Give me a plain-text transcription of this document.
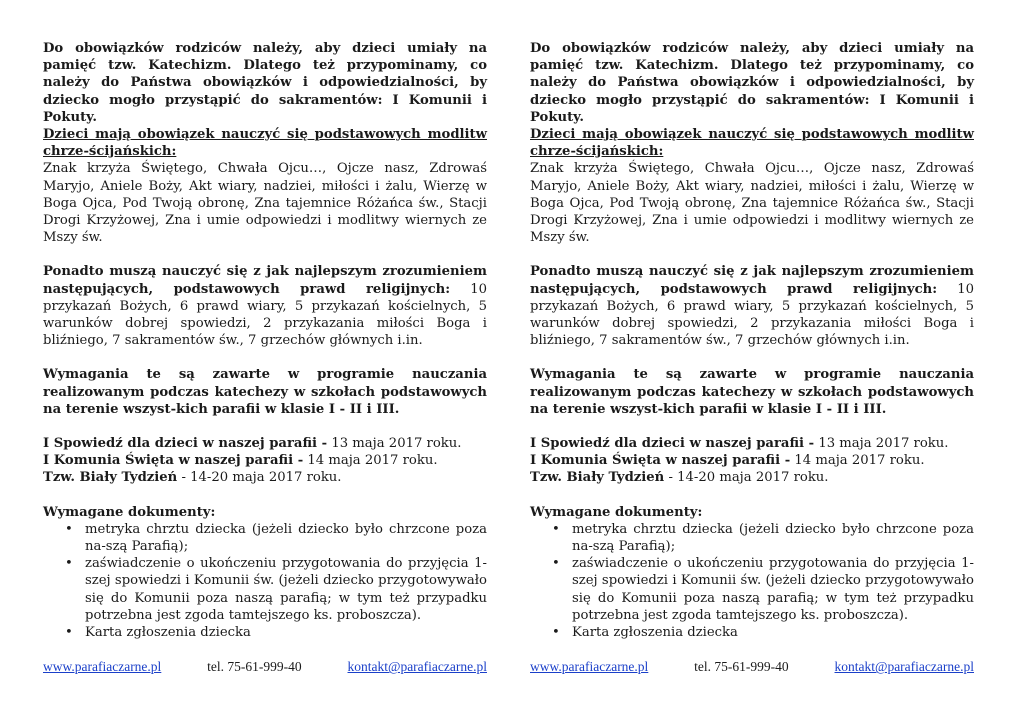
Do obowiązków rodziców należy, aby dzieci umiały na pamięć tzw. Katechizm. Dlatego też przypominamy, co należy do Państwa obowiązków i odpowiedzialności, by dziecko mogło przystąpić do sakramentów: I Komunii i Pokuty.

Dzieci mają obowiązek nauczyć się podstawowych modlitw chrze-ścijańskich:

Znak krzyża Świętego, Chwała Ojcu…, Ojcze nasz, Zdrowaś Maryjo, Aniele Boży, Akt wiary, nadziei, miłości i żalu, Wierzę w Boga Ojca, Pod Twoją obronę, Zna tajemnice Różańca św., Stacji Drogi Krzyżowej, Zna i umie odpowiedzi i modlitwy wiernych ze Mszy św.

Ponadto muszą nauczyć się z jak najlepszym zrozumieniem następujących, podstawowych prawd religijnych: 10 przykazań Bożych, 6 prawd wiary, 5 przykazań kościelnych, 5 warunków dobrej spowiedzi, 2 przykazania miłości Boga i bliźniego, 7 sakramentów św., 7 grzechów głównych i.in.

Wymagania te są zawarte w programie nauczania realizowanym podczas katechezy w szkołach podstawowych na terenie wszyst-kich parafii w klasie I - II i III.

I Spowiedź dla dzieci w naszej parafii - 13 maja 2017 roku.

I Komunia Święta w naszej parafii - 14 maja 2017 roku.

Tzw. Biały Tydzień - 14-20 maja 2017 roku.

Wymagane dokumenty:

• metryka chrztu dziecka (jeżeli dziecko było chrzcone poza na-szą Parafią);
• zaświadczenie o ukończeniu przygotowania do przyjęcia 1-szej spowiedzi i Komunii św. (jeżeli dziecko przygotowywało się do Komunii poza naszą parafią; w tym też przypadku potrzebna jest zgoda tamtejszego ks. proboszcza).
• Karta zgłoszenia dziecka
www.parafiaczarne.pl	tel. 75-61-999-40	kontakt@parafiaczarne.pl

Do obowiązków rodziców należy, aby dzieci umiały na pamięć tzw. Katechizm. Dlatego też przypominamy, co należy do Państwa obowiązków i odpowiedzialności, by dziecko mogło przystąpić do sakramentów: I Komunii i Pokuty.

Dzieci mają obowiązek nauczyć się podstawowych modlitw chrze-ścijańskich:

Znak krzyża Świętego, Chwała Ojcu…, Ojcze nasz, Zdrowaś Maryjo, Aniele Boży, Akt wiary, nadziei, miłości i żalu, Wierzę w Boga Ojca, Pod Twoją obronę, Zna tajemnice Różańca św., Stacji Drogi Krzyżowej, Zna i umie odpowiedzi i modlitwy wiernych ze Mszy św.

Ponadto muszą nauczyć się z jak najlepszym zrozumieniem następujących, podstawowych prawd religijnych: 10 przykazań Bożych, 6 prawd wiary, 5 przykazań kościelnych, 5 warunków dobrej spowiedzi, 2 przykazania miłości Boga i bliźniego, 7 sakramentów św., 7 grzechów głównych i.in.

Wymagania te są zawarte w programie nauczania realizowanym podczas katechezy w szkołach podstawowych na terenie wszyst-kich parafii w klasie I - II i III.

I Spowiedź dla dzieci w naszej parafii - 13 maja 2017 roku.

I Komunia Święta w naszej parafii - 14 maja 2017 roku.

Tzw. Biały Tydzień - 14-20 maja 2017 roku.

Wymagane dokumenty:

• metryka chrztu dziecka (jeżeli dziecko było chrzcone poza na-szą Parafią);
• zaświadczenie o ukończeniu przygotowania do przyjęcia 1-szej spowiedzi i Komunii św. (jeżeli dziecko przygotowywało się do Komunii poza naszą parafią; w tym też przypadku potrzebna jest zgoda tamtejszego ks. proboszcza).
• Karta zgłoszenia dziecka
www.parafiaczarne.pl	tel. 75-61-999-40	kontakt@parafiaczarne.pl
